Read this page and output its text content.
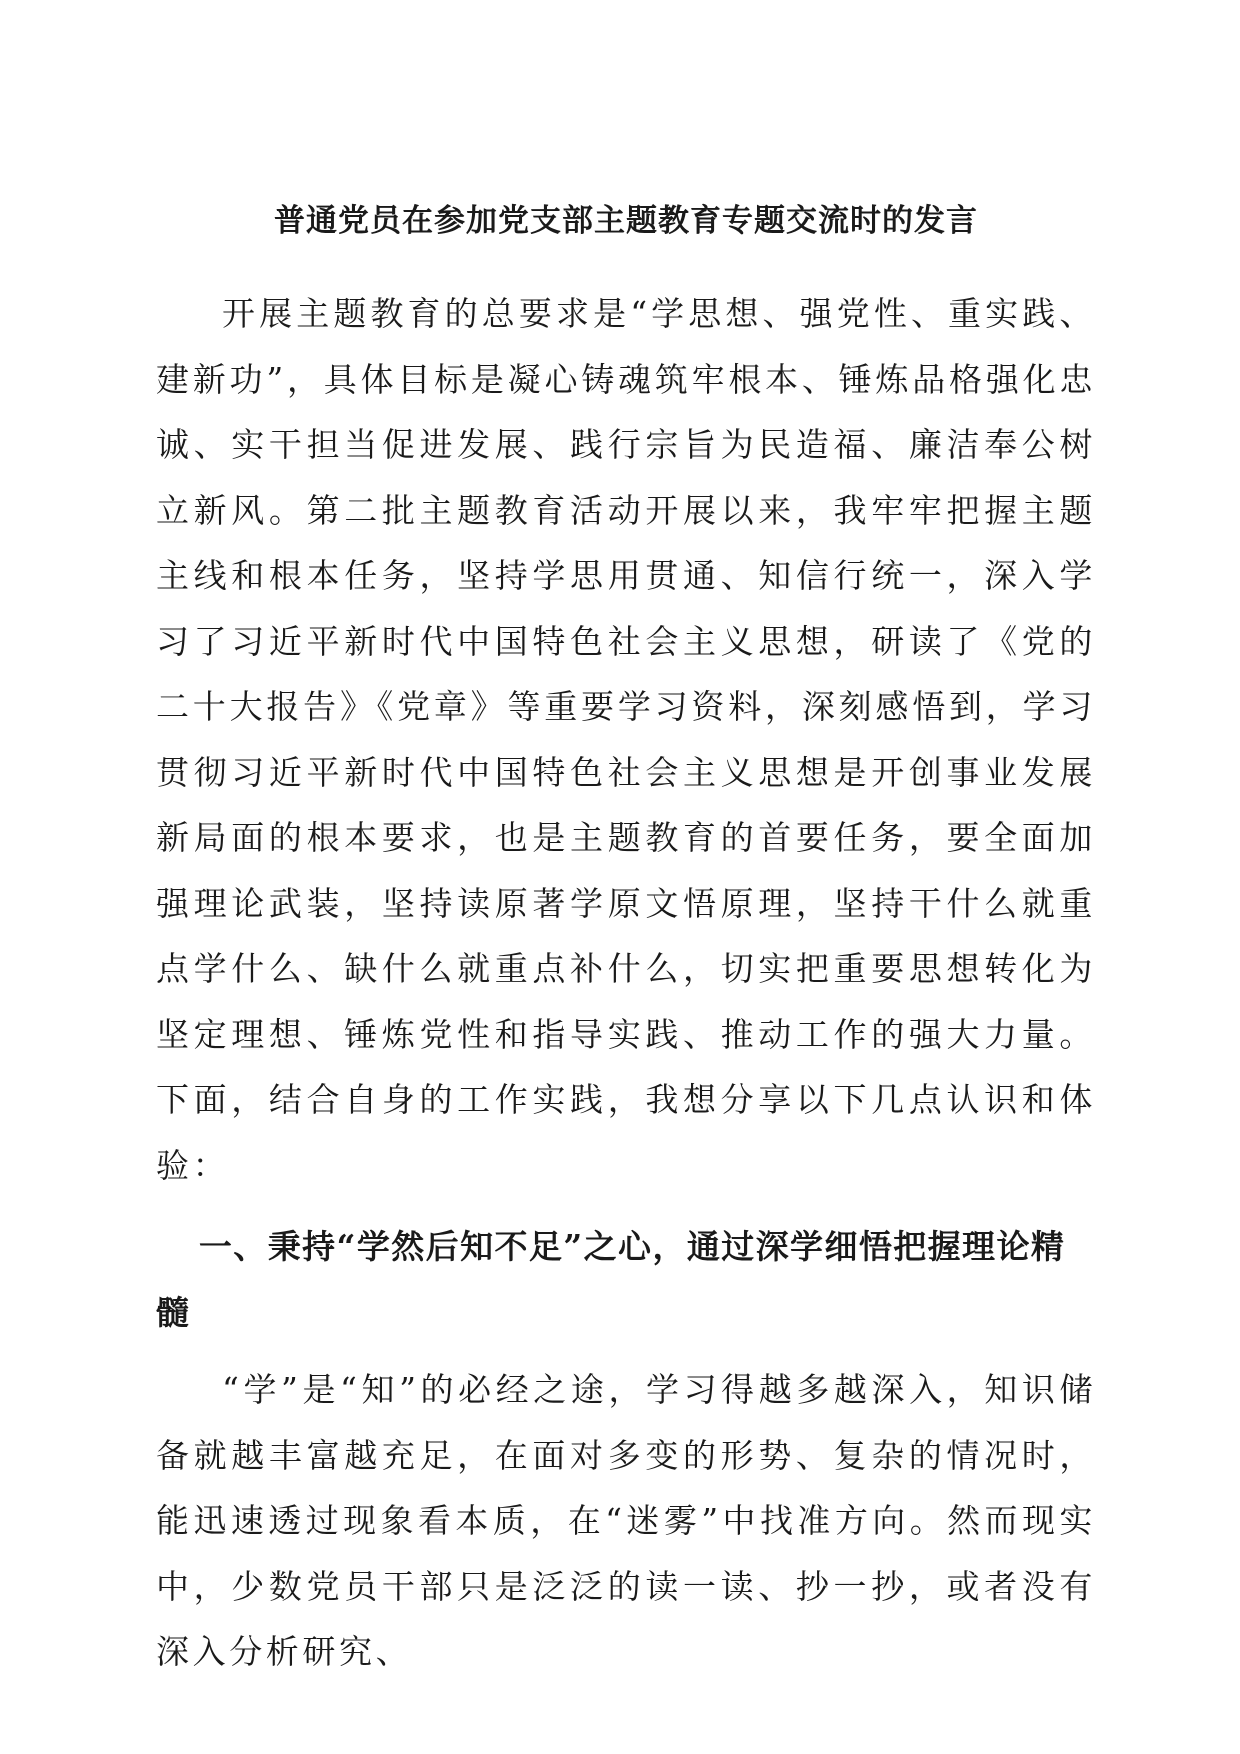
普通党员在参加党支部主题教育专题交流时的发言

开展主题教育的总要求是“学思想、强党性、重实践、建新功”，具体目标是凝心铸魂筑牢根本、锤炼品格强化忠诚、实干担当促进发展、践行宗旨为民造福、廉洁奉公树立新风。第二批主题教育活动开展以来，我牢牢把握主题主线和根本任务，坚持学思用贯通、知信行统一，深入学习了习近平新时代中国特色社会主义思想，研读了《党的二十大报告》《党章》等重要学习资料，深刻感悟到，学习贯彻习近平新时代中国特色社会主义思想是开创事业发展新局面的根本要求，也是主题教育的首要任务，要全面加强理论武装，坚持读原著学原文悟原理，坚持干什么就重点学什么、缺什么就重点补什么，切实把重要思想转化为坚定理想、锤炼党性和指导实践、推动工作的强大力量。下面，结合自身的工作实践，我想分享以下几点认识和体验：

一、秉持“学然后知不足”之心，通过深学细悟把握理论精髓

“学”是“知”的必经之途，学习得越多越深入，知识储备就越丰富越充足，在面对多变的形势、复杂的情况时，能迅速透过现象看本质，在“迷雾”中找准方向。然而现实中，少数党员干部只是泛泛的读一读、抄一抄，或者没有深入分析研究、
